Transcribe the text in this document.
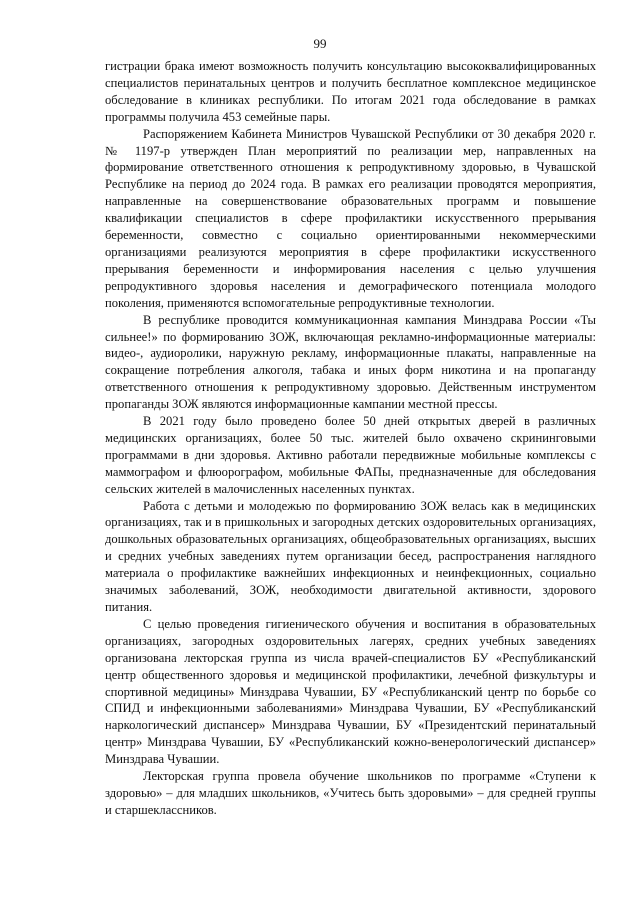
99

гистрации брака имеют возможность получить консультацию высококвалифицированных специалистов перинатальных центров и получить бесплатное комплексное медицинское обследование в клиниках республики. По итогам 2021 года обследование в рамках программы получила 453 семейные пары.

Распоряжением Кабинета Министров Чувашской Республики от 30 декабря 2020 г. № 1197-р утвержден План мероприятий по реализации мер, направленных на формирование ответственного отношения к репродуктивному здоровью, в Чувашской Республике на период до 2024 года. В рамках его реализации проводятся мероприятия, направленные на совершенствование образовательных программ и повышение квалификации специалистов в сфере профилактики искусственного прерывания беременности, совместно с социально ориентированными некоммерческими организациями реализуются мероприятия в сфере профилактики искусственного прерывания беременности и информирования населения с целью улучшения репродуктивного здоровья населения и демографического потенциала молодого поколения, применяются вспомогательные репродуктивные технологии.

В республике проводится коммуникационная кампания Минздрава России «Ты сильнее!» по формированию ЗОЖ, включающая рекламно-информационные материалы: видео-, аудиоролики, наружную рекламу, информационные плакаты, направленные на сокращение потребления алкоголя, табака и иных форм никотина и на пропаганду ответственного отношения к репродуктивному здоровью. Действенным инструментом пропаганды ЗОЖ являются информационные кампании местной прессы.

В 2021 году было проведено более 50 дней открытых дверей в различных медицинских организациях, более 50 тыс. жителей было охвачено скрининговыми программами в дни здоровья. Активно работали передвижные мобильные комплексы с маммографом и флюорографом, мобильные ФАПы, предназначенные для обследования сельских жителей в малочисленных населенных пунктах.

Работа с детьми и молодежью по формированию ЗОЖ велась как в медицинских организациях, так и в пришкольных и загородных детских оздоровительных организациях, дошкольных образовательных организациях, общеобразовательных организациях, высших и средних учебных заведениях путем организации бесед, распространения наглядного материала о профилактике важнейших инфекционных и неинфекционных, социально значимых заболеваний, ЗОЖ, необходимости двигательной активности, здорового питания.

С целью проведения гигиенического обучения и воспитания в образовательных организациях, загородных оздоровительных лагерях, средних учебных заведениях организована лекторская группа из числа врачей-специалистов БУ «Республиканский центр общественного здоровья и медицинской профилактики, лечебной физкультуры и спортивной медицины» Минздрава Чувашии, БУ «Республиканский центр по борьбе со СПИД и инфекционными заболеваниями» Минздрава Чувашии, БУ «Республиканский наркологический диспансер» Минздрава Чувашии, БУ «Президентский перинатальный центр» Минздрава Чувашии, БУ «Республиканский кожно-венерологический диспансер» Минздрава Чувашии.

Лекторская группа провела обучение школьников по программе «Ступени к здоровью» – для младших школьников, «Учитесь быть здоровыми» – для средней группы и старшеклассников.
